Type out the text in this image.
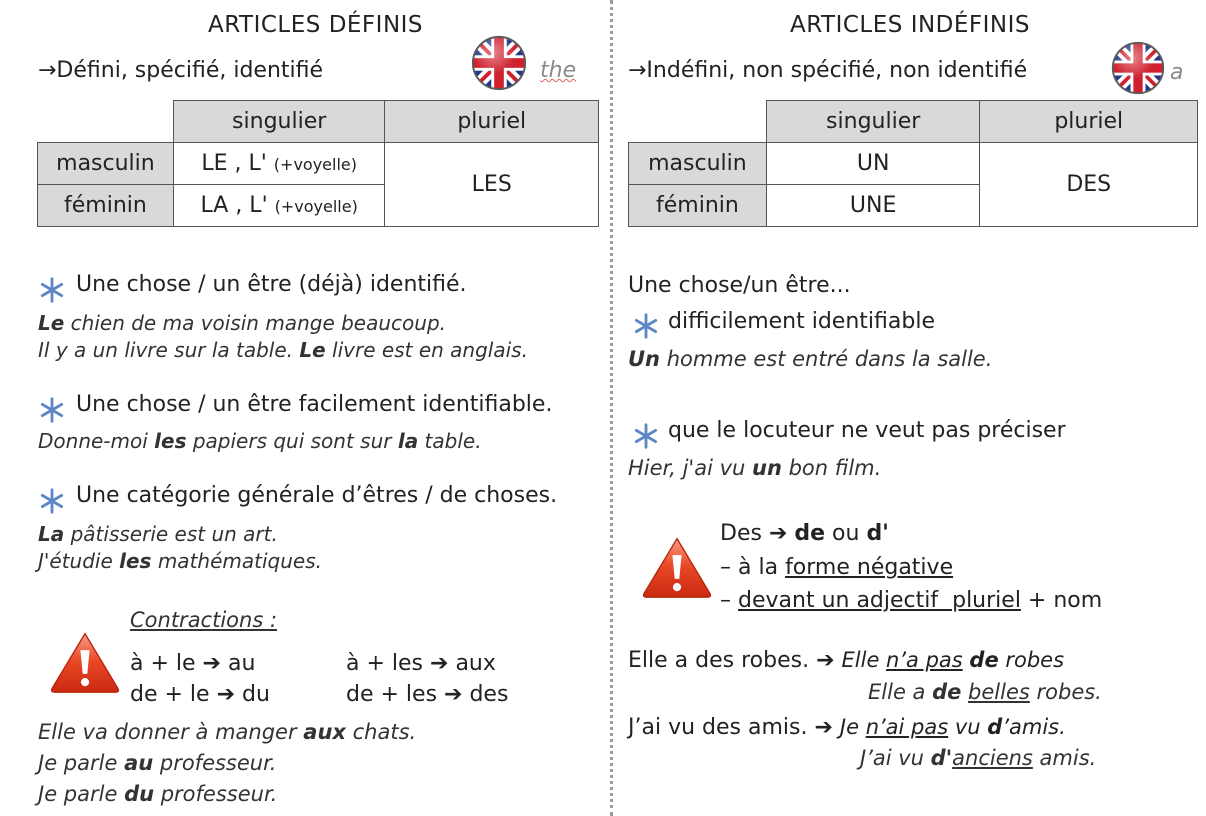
ARTICLES DÉFINIS
→Défini, spécifié, identifié	the
	singulier	pluriel
masculin	LE , L' (+voyelle)	LES
féminin	LA , L' (+voyelle)	
Une chose / un être (déjà) identifié.
Le chien de ma voisin mange beaucoup.
Il y a un livre sur la table. Le livre est en anglais.
Une chose / un être facilement identifiable.
Donne-moi les papiers qui sont sur la table.
Une catégorie générale d’êtres / de choses.
La pâtisserie est un art.
J'étudie les mathématiques.
Contractions :
à + le ➔ au	à + les ➔ aux
de + le ➔ du	de + les ➔ des
Elle va donner à manger aux chats.
Je parle au professeur.
Je parle du professeur.
ARTICLES INDÉFINIS
→Indéfini, non spécifié, non identifié	a
	singulier	pluriel
masculin	UN	DES
féminin	UNE	
Une chose/un être...
difficilement identifiable
Un homme est entré dans la salle.
que le locuteur ne veut pas préciser
Hier, j'ai vu un bon film.
Des ➔ de ou d'
– à la forme négative
– devant un adjectif  pluriel + nom
Elle a des robes. ➔ Elle n’a pas de robes
Elle a de belles robes.
J’ai vu des amis. ➔ Je n’ai pas vu d’amis.
J’ai vu d'anciens amis.
